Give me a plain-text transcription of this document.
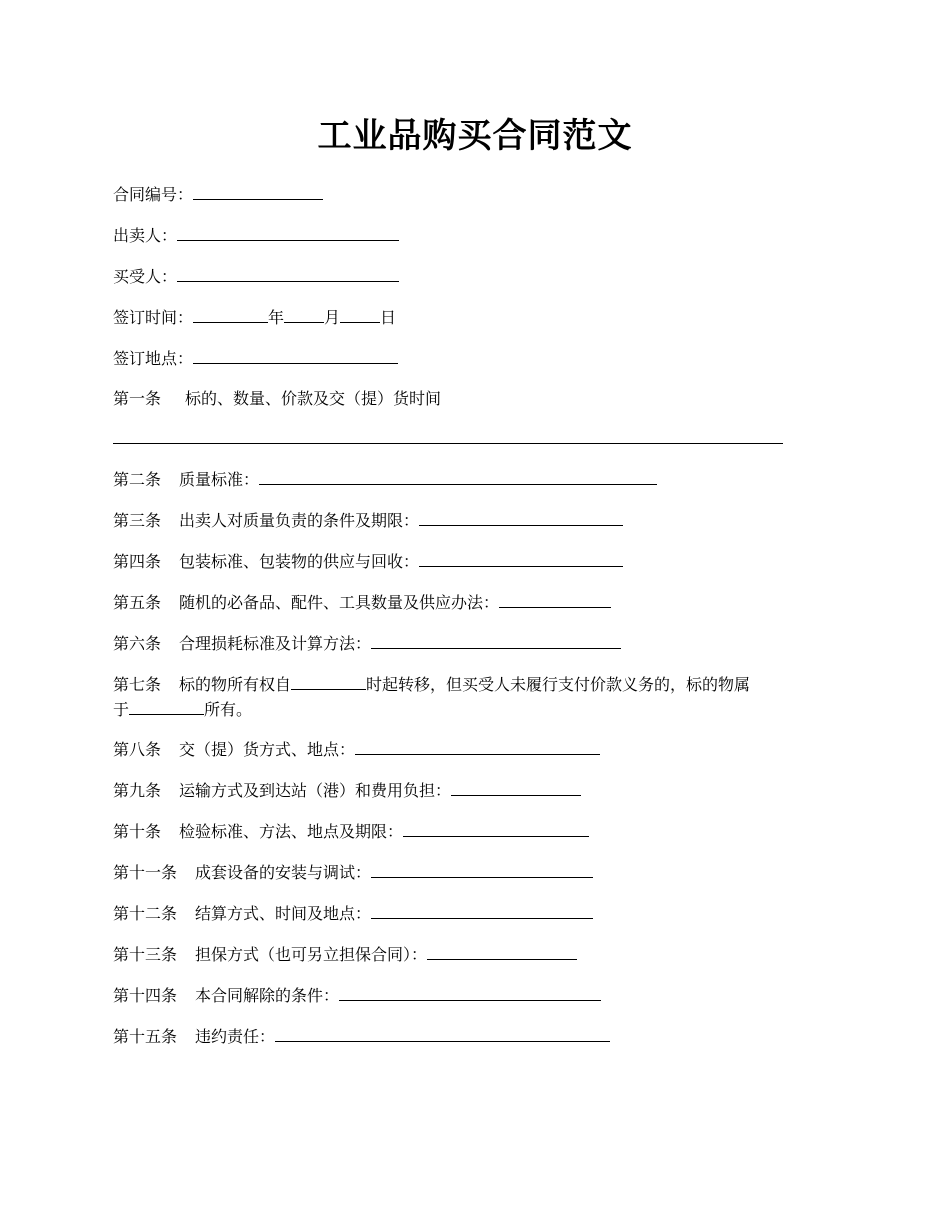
工业品购买合同范文
合同编号：
出卖人：
买受人：
签订时间：	年	月	日
签订地点：
第一条 标的、数量、价款及交（提）货时间
第二条 质量标准：
第三条 出卖人对质量负责的条件及期限：
第四条 包装标准、包装物的供应与回收：
第五条 随机的必备品、配件、工具数量及供应办法：
第六条 合理损耗标准及计算方法：
第七条 标的物所有权自	时起转移，但买受人未履行支付价款义务的，标的物属
于	所有。
第八条 交（提）货方式、地点：
第九条 运输方式及到达站（港）和费用负担：
第十条 检验标准、方法、地点及期限：
第十一条 成套设备的安装与调试：
第十二条 结算方式、时间及地点：
第十三条 担保方式（也可另立担保合同）：
第十四条 本合同解除的条件：
第十五条 违约责任：
